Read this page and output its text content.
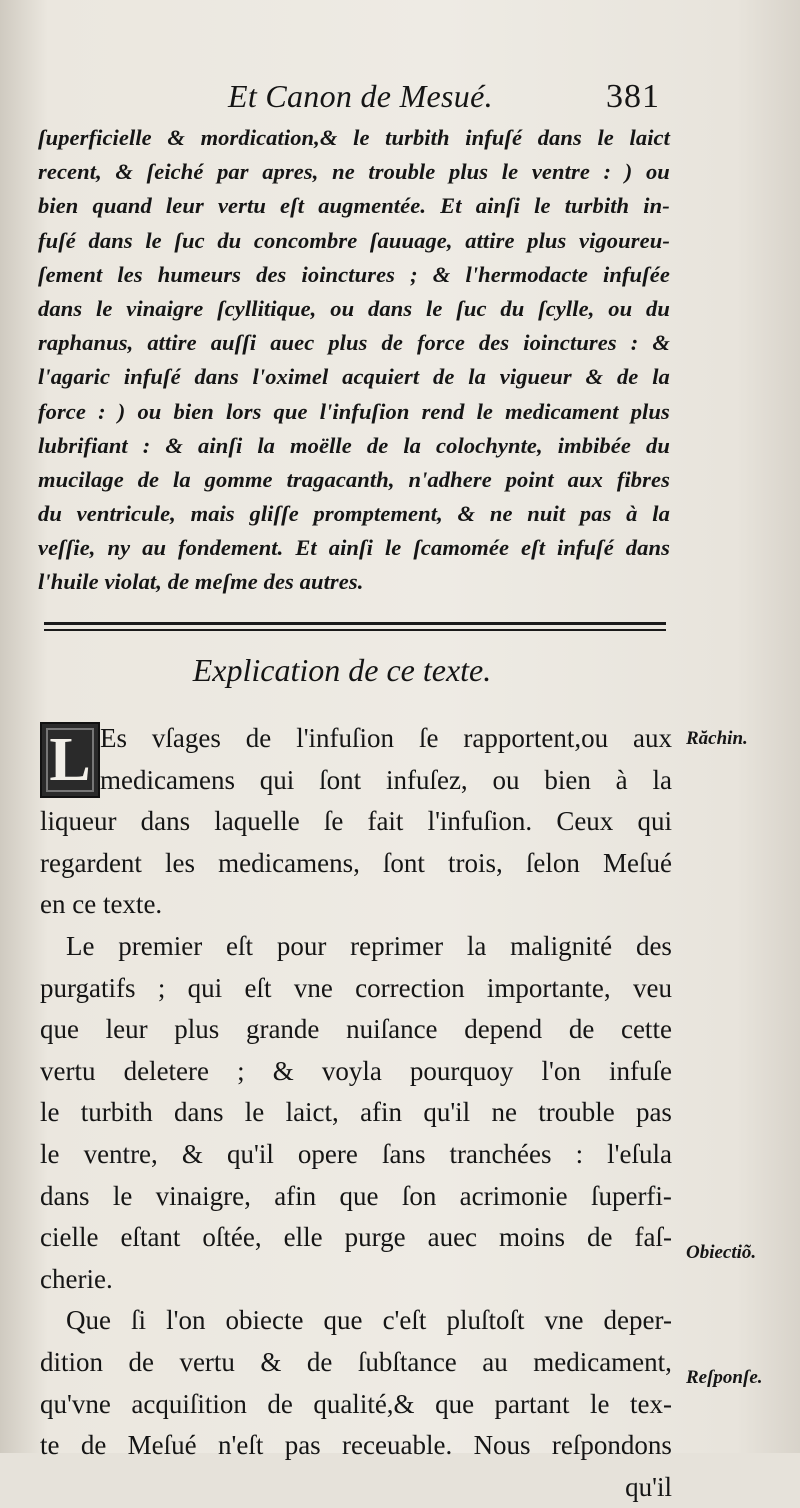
Et Canon de Mesué.	381
ſuperficielle & mordication,& le turbith infuſé dans le laict
recent, & ſeiché par apres, ne trouble plus le ventre : ) ou
bien quand leur vertu eſt augmentée. Et ainſi le turbith in-
fuſé dans le ſuc du concombre ſauuage, attire plus vigoureu-
ſement les humeurs des ioinctures ; & l'hermodacte infuſée
dans le vinaigre ſcyllitique, ou dans le ſuc du ſcylle, ou du
raphanus, attire auſſi auec plus de force des ioinctures : &
l'agaric infuſé dans l'oximel acquiert de la vigueur & de la
force : ) ou bien lors que l'infuſion rend le medicament plus
lubrifiant : & ainſi la moëlle de la colochynte, imbibée du
mucilage de la gomme tragacanth, n'adhere point aux fibres
du ventricule, mais gliſſe promptement, & ne nuit pas à la
veſſie, ny au fondement. Et ainſi le ſcamomée eſt infuſé dans
l'huile violat, de meſme des autres.
Explication de ce texte.
L Es vſages de l'infuſion ſe rapportent,ou aux
medicamens qui ſont infuſez, ou bien à la
liqueur dans laquelle ſe fait l'infuſion. Ceux qui
regardent les medicamens, ſont trois, ſelon Meſué
en ce texte.
Le premier eſt pour reprimer la malignité des
purgatifs ; qui eſt vne correction importante, veu
que leur plus grande nuiſance depend de cette
vertu deletere ; & voyla pourquoy l'on infuſe
le turbith dans le laict, afin qu'il ne trouble pas
le ventre, & qu'il opere ſans tranchées : l'eſula
dans le vinaigre, afin que ſon acrimonie ſuperfi-
cielle eſtant oſtée, elle purge auec moins de faſ-
cherie.
Que ſi l'on obiecte que c'eſt pluſtoſt vne deper-
dition de vertu & de ſubſtance au medicament,
qu'vne acquiſition de qualité,& que partant le tex-
te de Meſué n'eſt pas receuable. Nous reſpondons
qu'il
Răchin.
Obiectiõ.
Reſponſe.
